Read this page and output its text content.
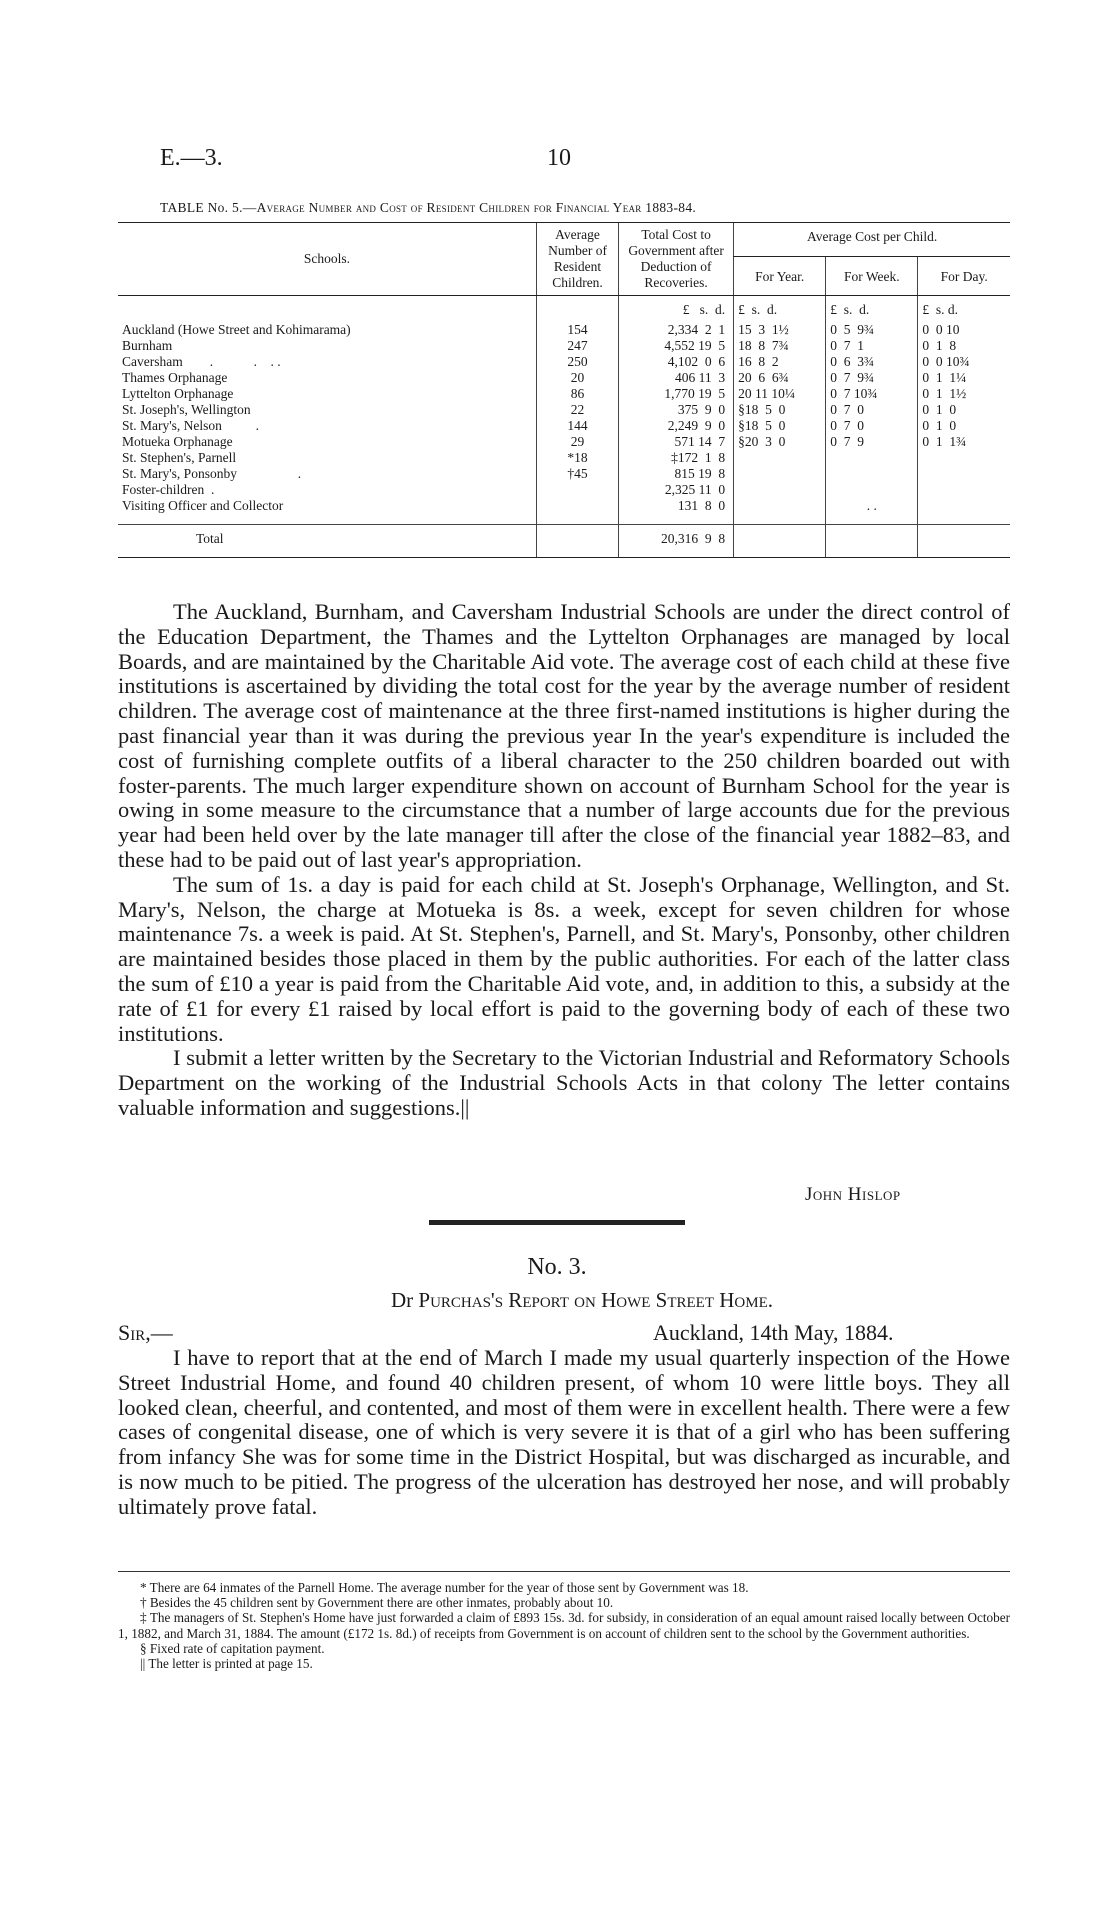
E.—3.	10
TABLE No. 5.—Average Number and Cost of Resident Children for Financial Year 1883-84.
Schools.	Average Number of Resident Children.	Total Cost to Government after Deduction of Recoveries.	Average Cost per Child.		
			For Year.	For Week.	For Day.
		£   s.  d.	£  s.  d.	£  s.  d.	£  s. d.
Auckland (Howe Street and Kohimarama)	154	2,334  2  1	15  3  1½	0  5  9¾	0  0 10
Burnham	247	4,552 19  5	18  8  7¾	0  7  1	0  1  8
Caversham        .            .    . .	250	4,102  0  6	16  8  2	0  6  3¾	0  0 10¾
Thames Orphanage	20	406 11  3	20  6  6¾	0  7  9¾	0  1  1¼
Lyttelton Orphanage	86	1,770 19  5	20 11 10¼	0  7 10¾	0  1  1½
St. Joseph's, Wellington	22	375  9  0	§18  5  0	0  7  0	0  1  0
St. Mary's, Nelson          .	144	2,249  9  0	§18  5  0	0  7  0	0  1  0
Motueka Orphanage	29	571 14  7	§20  3  0	0  7  9	0  1  1¾
St. Stephen's, Parnell	*18	‡172  1  8			
St. Mary's, Ponsonby                  .	†45	815 19  8			
Foster-children  .		2,325 11  0			
Visiting Officer and Collector		131  8  0		. .	
Total		20,316  9  8			

The Auckland, Burnham, and Caversham Industrial Schools are under the direct control of the Education Department, the Thames and the Lyttelton Orphanages are managed by local Boards, and are maintained by the Charitable Aid vote. The average cost of each child at these five institutions is ascertained by dividing the total cost for the year by the average number of resident children. The average cost of maintenance at the three first-named institutions is higher during the past financial year than it was during the previous year In the year's expenditure is included the cost of furnishing complete outfits of a liberal character to the 250 children boarded out with foster-parents. The much larger expenditure shown on account of Burnham School for the year is owing in some measure to the circumstance that a number of large accounts due for the previous year had been held over by the late manager till after the close of the financial year 1882–83, and these had to be paid out of last year's appropriation.

The sum of 1s. a day is paid for each child at St. Joseph's Orphanage, Wellington, and St. Mary's, Nelson, the charge at Motueka is 8s. a week, except for seven children for whose maintenance 7s. a week is paid. At St. Stephen's, Parnell, and St. Mary's, Ponsonby, other children are maintained besides those placed in them by the public authorities. For each of the latter class the sum of £10 a year is paid from the Charitable Aid vote, and, in addition to this, a subsidy at the rate of £1 for every £1 raised by local effort is paid to the governing body of each of these two institutions.

I submit a letter written by the Secretary to the Victorian Industrial and Reformatory Schools Department on the working of the Industrial Schools Acts in that colony The letter contains valuable information and suggestions.||

John Hislop
No. 3.
Dr Purchas's Report on Howe Street Home.
Sir,—	Auckland, 14th May, 1884.

I have to report that at the end of March I made my usual quarterly inspection of the Howe Street Industrial Home, and found 40 children present, of whom 10 were little boys. They all looked clean, cheerful, and contented, and most of them were in excellent health. There were a few cases of congenital disease, one of which is very severe it is that of a girl who has been suffering from infancy She was for some time in the District Hospital, but was discharged as incurable, and is now much to be pitied. The progress of the ulceration has destroyed her nose, and will probably ultimately prove fatal.

* There are 64 inmates of the Parnell Home. The average number for the year of those sent by Government was 18.

† Besides the 45 children sent by Government there are other inmates, probably about 10.

‡ The managers of St. Stephen's Home have just forwarded a claim of £893 15s. 3d. for subsidy, in consideration of an equal amount raised locally between October 1, 1882, and March 31, 1884. The amount (£172 1s. 8d.) of receipts from Government is on account of children sent to the school by the Government authorities.

§ Fixed rate of capitation payment.

|| The letter is printed at page 15.
